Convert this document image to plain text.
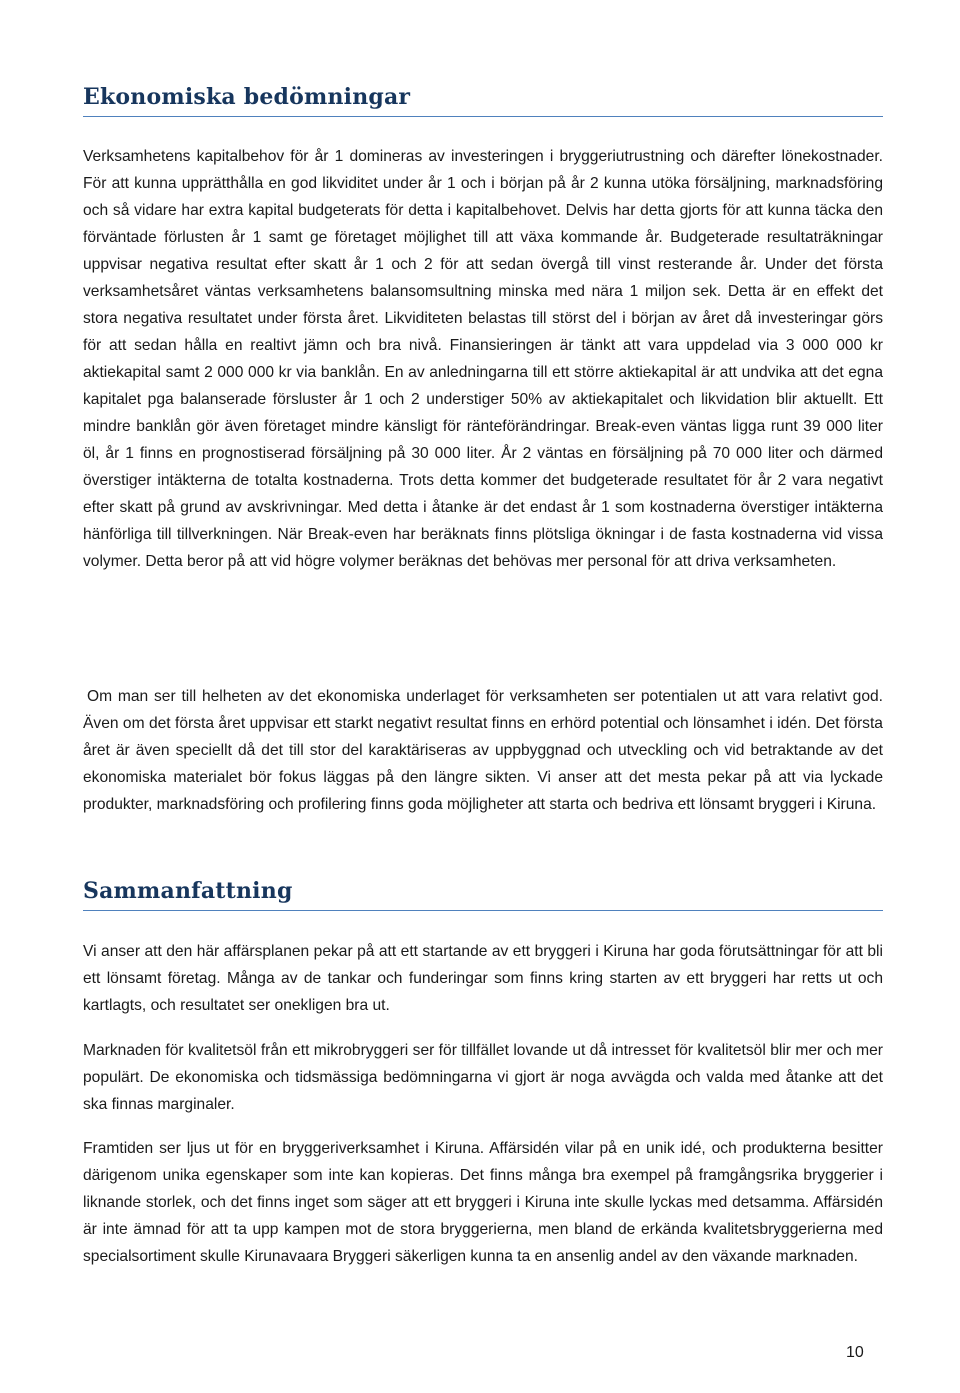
Ekonomiska bedömningar

Verksamhetens kapitalbehov för år 1 domineras av investeringen i bryggeriutrustning och därefter lönekostnader. För att kunna upprätthålla en god likviditet under år 1 och i början på år 2 kunna utöka försäljning, marknadsföring och så vidare har extra kapital budgeterats för detta i kapitalbehovet. Delvis har detta gjorts för att kunna täcka den förväntade förlusten år 1 samt ge företaget möjlighet till att växa kommande år. Budgeterade resultaträkningar uppvisar negativa resultat efter skatt år 1 och 2 för att sedan övergå till vinst resterande år. Under det första verksamhetsåret väntas verksamhetens balansomsultning minska med nära 1 miljon sek. Detta är en effekt det stora negativa resultatet under första året. Likviditeten belastas till störst del i början av året då investeringar görs för att sedan hålla en realtivt jämn och bra nivå. Finansieringen är tänkt att vara uppdelad via 3 000 000 kr aktiekapital samt 2 000 000 kr via banklån. En av anledningarna till ett större aktiekapital är att undvika att det egna kapitalet pga balanserade försluster år 1 och 2 understiger 50% av aktiekapitalet och likvidation blir aktuellt. Ett mindre banklån gör även företaget mindre känsligt för ränteförändringar. Break-even väntas ligga runt 39 000 liter öl, år 1 finns en prognostiserad försäljning på 30 000 liter. År 2 väntas en försäljning på 70 000 liter och därmed överstiger intäkterna de totalta kostnaderna. Trots detta kommer det budgeterade resultatet för år 2 vara negativt efter skatt på grund av avskrivningar. Med detta i åtanke är det endast år 1 som kostnaderna överstiger intäkterna hänförliga till tillverkningen. När Break-even har beräknats finns plötsliga ökningar i de fasta kostnaderna vid vissa volymer. Detta beror på att vid högre volymer beräknas det behövas mer personal för att driva verksamheten.

Om man ser till helheten av det ekonomiska underlaget för verksamheten ser potentialen ut att vara relativt god. Även om det första året uppvisar ett starkt negativt resultat finns en erhörd potential och lönsamhet i idén. Det första året är även speciellt då det till stor del karaktäriseras av uppbyggnad och utveckling och vid betraktande av det ekonomiska materialet bör fokus läggas på den längre sikten. Vi anser att det mesta pekar på att via lyckade produkter, marknadsföring och profilering finns goda möjligheter att starta och bedriva ett lönsamt bryggeri i Kiruna.

Sammanfattning

Vi anser att den här affärsplanen pekar på att ett startande av ett bryggeri i Kiruna har goda förutsättningar för att bli ett lönsamt företag. Många av de tankar och funderingar som finns kring starten av ett bryggeri har retts ut och kartlagts, och resultatet ser onekligen bra ut.

Marknaden för kvalitetsöl från ett mikrobryggeri ser för tillfället lovande ut då intresset för kvalitetsöl blir mer och mer populärt. De ekonomiska och tidsmässiga bedömningarna vi gjort är noga avvägda och valda med åtanke att det ska finnas marginaler.

Framtiden ser ljus ut för en bryggeriverksamhet i Kiruna. Affärsidén vilar på en unik idé, och produkterna besitter därigenom unika egenskaper som inte kan kopieras. Det finns många bra exempel på framgångsrika bryggerier i liknande storlek, och det finns inget som säger att ett bryggeri i Kiruna inte skulle lyckas med detsamma. Affärsidén är inte ämnad för att ta upp kampen mot de stora bryggerierna, men bland de erkända kvalitetsbryggerierna med specialsortiment skulle Kirunavaara Bryggeri säkerligen kunna ta en ansenlig andel av den växande marknaden.

10
